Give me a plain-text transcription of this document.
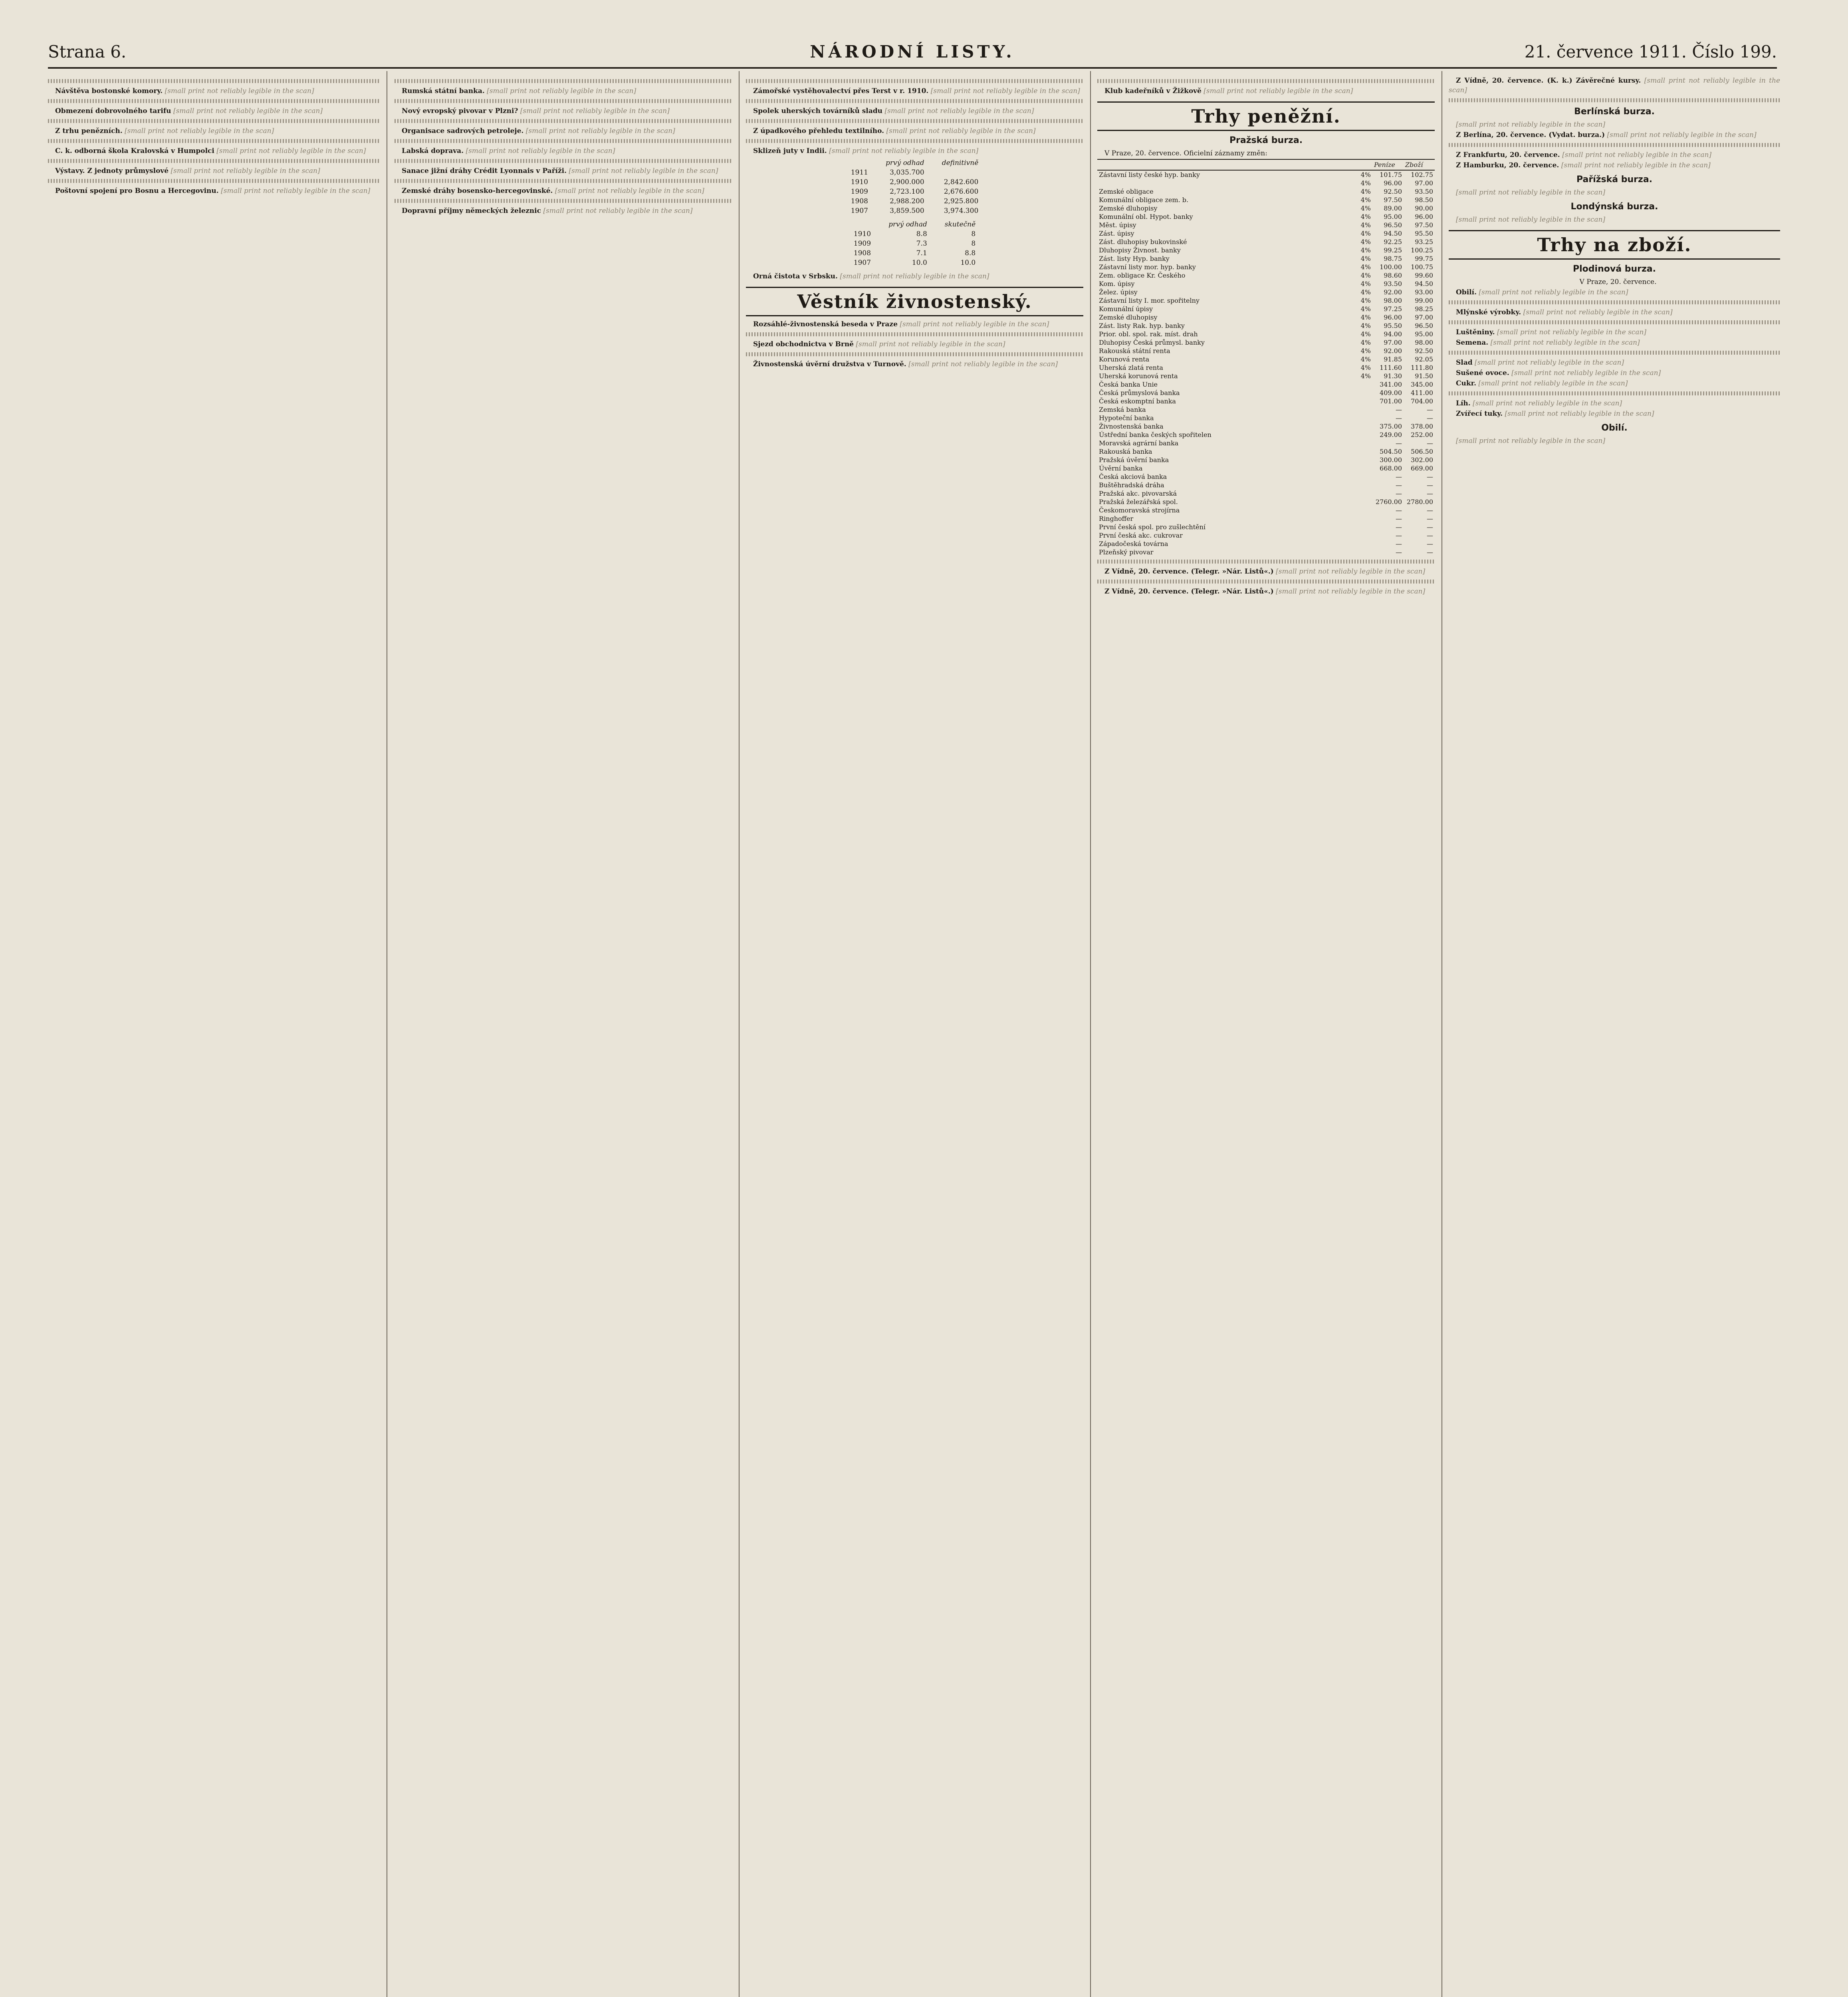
Strana 6.	NÁRODNÍ LISTY.	21. července 1911. Číslo 199.

Návštěva bostonské komory. [small print not reliably legible in the scan]

Obmezení dobrovolného tarifu [small print not reliably legible in the scan]

Z trhu penězních. [small print not reliably legible in the scan]

C. k. odborná škola Kralovská v Humpolci [small print not reliably legible in the scan]

Výstavy. Z jednoty průmyslové [small print not reliably legible in the scan]

Poštovní spojení pro Bosnu a Hercegovinu. [small print not reliably legible in the scan]

Rumská státní banka. [small print not reliably legible in the scan]

Nový evropský pivovar v Plzni? [small print not reliably legible in the scan]

Organisace sadrových petroleje. [small print not reliably legible in the scan]

Labská doprava. [small print not reliably legible in the scan]

Sanace jižní dráhy Crédit Lyonnais v Paříži. [small print not reliably legible in the scan]

Zemské dráhy bosensko-hercegovinské. [small print not reliably legible in the scan]

Dopravní příjmy německých železnic [small print not reliably legible in the scan]

Zámořské vystěhovalectví přes Terst v r. 1910. [small print not reliably legible in the scan]

Spolek uherských továrníků sladu [small print not reliably legible in the scan]

Z úpadkového přehledu textilního. [small print not reliably legible in the scan]

Sklizeň juty v Indii. [small print not reliably legible in the scan]

	prvý odhad	definitivně
1911	3,035.700	
1910	2,900.000	2,842.600
1909	2,723.100	2,676.600
1908	2,988.200	2,925.800
1907	3,859.500	3,974.300
	prvý odhad	skutečně
1910	8.8	8
1909	7.3	8
1908	7.1	8.8
1907	10.0	10.0

Orná čistota v Srbsku. [small print not reliably legible in the scan]

Věstník živnostenský.

Rozsáhlé-živnostenská beseda v Praze [small print not reliably legible in the scan]

Sjezd obchodnictva v Brně [small print not reliably legible in the scan]

Živnostenská úvěrní družstva v Turnově. [small print not reliably legible in the scan]

Klub kadeřníků v Žižkově [small print not reliably legible in the scan]

Trhy peněžní.
Pražská burza.

V Praze, 20. července. Oficielní záznamy změn:

		Peníze	Zboží
Zástavní listy české hyp. banky	4%	101.75	102.75
	4%	96.00	97.00
Zemské obligace	4%	92.50	93.50
Komunální obligace zem. b.	4%	97.50	98.50
Zemské dluhopisy	4%	89.00	90.00
Komunální obl. Hypot. banky	4%	95.00	96.00
Měst. úpisy	4%	96.50	97.50
Zást. úpisy	4%	94.50	95.50
Zást. dluhopisy bukovinské	4%	92.25	93.25
Dluhopisy Živnost. banky	4%	99.25	100.25
Zást. listy Hyp. banky	4%	98.75	99.75
Zástavní listy mor. hyp. banky	4%	100.00	100.75
Zem. obligace Kr. Českého	4%	98.60	99.60
Kom. úpisy	4%	93.50	94.50
Želez. úpisy	4%	92.00	93.00
Zástavní listy I. mor. spořitelny	4%	98.00	99.00
Komunální úpisy	4%	97.25	98.25
Zemské dluhopisy	4%	96.00	97.00
Zást. listy Rak. hyp. banky	4%	95.50	96.50
Prior. obl. spol. rak. míst. drah	4%	94.00	95.00
Dluhopisy Česká průmysl. banky	4%	97.00	98.00
Rakouská státní renta	4%	92.00	92.50
Korunová renta	4%	91.85	92.05
Uherská zlatá renta	4%	111.60	111.80
Uherská korunová renta	4%	91.30	91.50
Česká banka Unie		341.00	345.00
Česká průmyslová banka		409.00	411.00
Česká eskomptní banka		701.00	704.00
Zemská banka		—	—
Hypoteční banka		—	—
Živnostenská banka		375.00	378.00
Ústřední banka českých spořitelen		249.00	252.00
Moravská agrární banka		—	—
Rakouská banka		504.50	506.50
Pražská úvěrní banka		300.00	302.00
Úvěrní banka		668.00	669.00
Česká akciová banka		—	—
Buštěhradská dráha		—	—
Pražská akc. pivovarská		—	—
Pražská železářská spol.		2760.00	2780.00
Českomoravská strojírna		—	—
Ringhoffer		—	—
První česká spol. pro zušlechtění		—	—
První česká akc. cukrovar		—	—
Západočeská továrna		—	—
Plzeňský pivovar		—	—

Z Vídně, 20. července. (Telegr. »Nár. Listů«.) [small print not reliably legible in the scan]

Z Vídně, 20. července. (Telegr. »Nár. Listů«.) [small print not reliably legible in the scan]

Z Vídně, 20. července. (K. k.) Závěrečné kursy. [small print not reliably legible in the scan]

Berlínská burza.

[small print not reliably legible in the scan]

Z Berlína, 20. července. (Vydat. burza.) [small print not reliably legible in the scan]

Z Frankfurtu, 20. července. [small print not reliably legible in the scan]

Z Hamburku, 20. července. [small print not reliably legible in the scan]

Pařížská burza.

[small print not reliably legible in the scan]

Londýnská burza.

[small print not reliably legible in the scan]

Trhy na zboží.
Plodinová burza.

V Praze, 20. července.

Obilí. [small print not reliably legible in the scan]

Mlýnské výrobky. [small print not reliably legible in the scan]

Luštěniny. [small print not reliably legible in the scan]

Semena. [small print not reliably legible in the scan]

Slad [small print not reliably legible in the scan]

Sušené ovoce. [small print not reliably legible in the scan]

Cukr. [small print not reliably legible in the scan]

Líh. [small print not reliably legible in the scan]

Zvířecí tuky. [small print not reliably legible in the scan]

Obilí.

[small print not reliably legible in the scan]
